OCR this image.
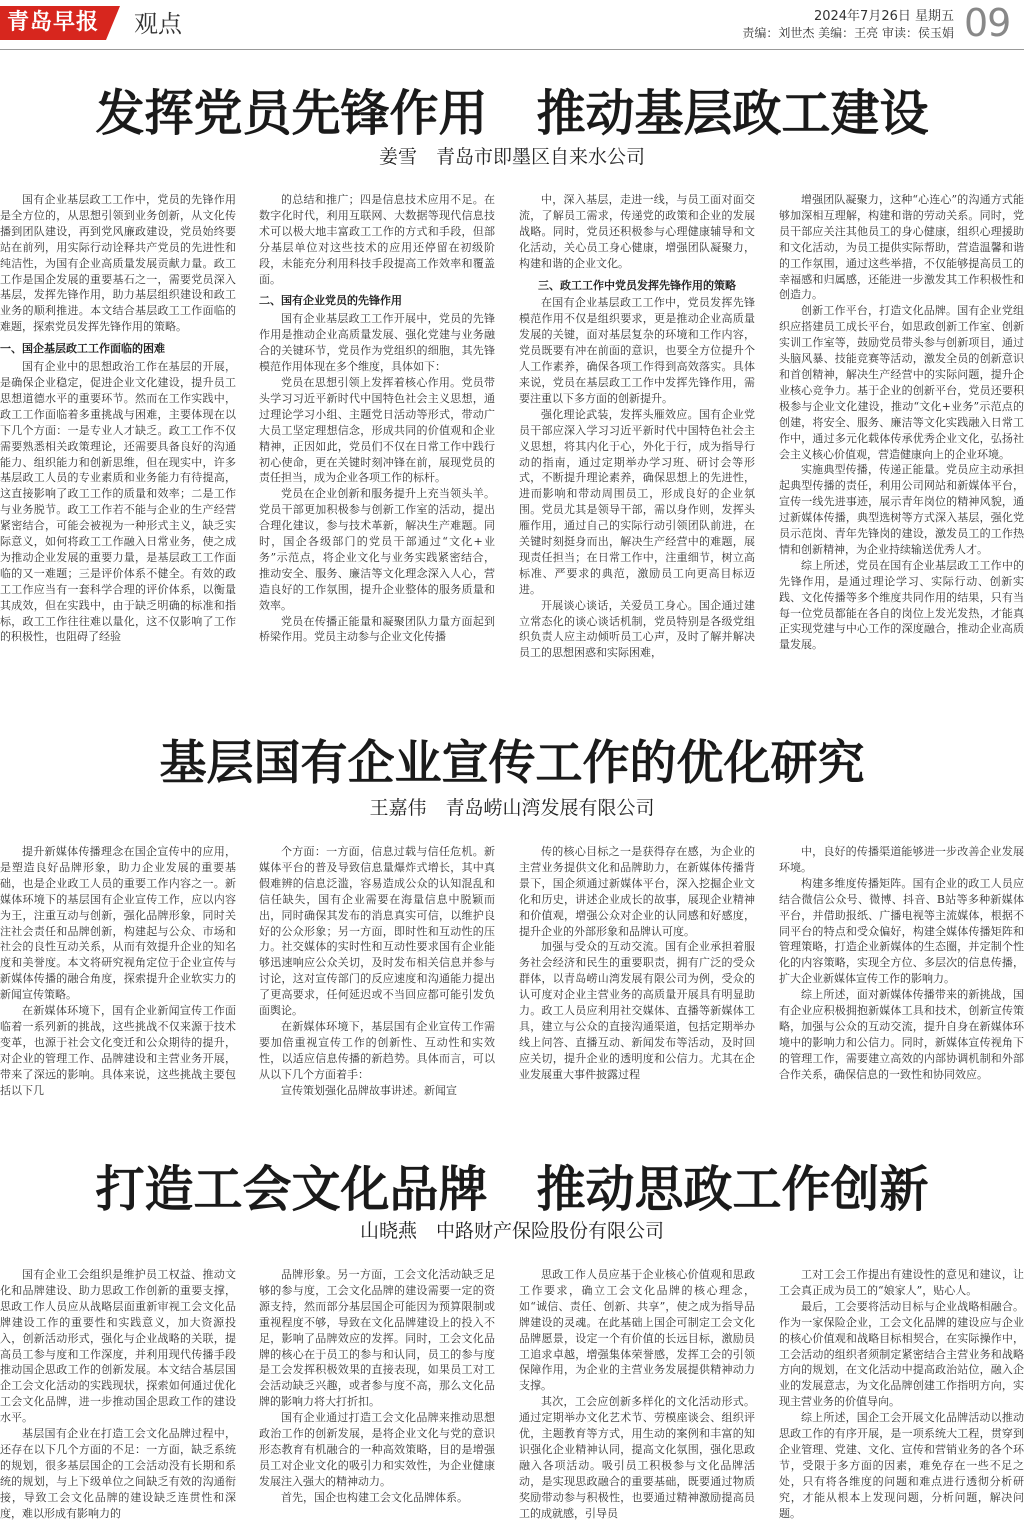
青岛早报 观点	2024年7月26日 星期五
责编：刘世杰 美编：王亮 审读：侯玉娟 09
发挥党员先锋作用　推动基层政工建设
姜雪　青岛市即墨区自来水公司

国有企业基层政工工作中，党员的先锋作用是全方位的，从思想引领到业务创新，从文化传播到团队建设，再到党风廉政建设，党员始终要站在前列，用实际行动诠释共产党员的先进性和纯洁性，为国有企业高质量发展贡献力量。政工工作是国企发展的重要基石之一，需要党员深入基层，发挥先锋作用，助力基层组织建设和政工业务的顺利推进。本文结合基层政工工作面临的难题，探索党员发挥先锋作用的策略。

一、国企基层政工工作面临的困难

国有企业中的思想政治工作在基层的开展，是确保企业稳定，促进企业文化建设，提升员工思想道德水平的重要环节。然而在工作实践中，政工工作面临着多重挑战与困难，主要体现在以下几个方面：一是专业人才缺乏。政工工作不仅需要熟悉相关政策理论，还需要具备良好的沟通能力、组织能力和创新思维，但在现实中，许多基层政工人员的专业素质和业务能力有待提高，这直接影响了政工工作的质量和效率；二是工作与业务脱节。政工工作若不能与企业的生产经营紧密结合，可能会被视为一种形式主义，缺乏实际意义，如何将政工工作融入日常业务，使之成为推动企业发展的重要力量，是基层政工工作面临的又一难题；三是评价体系不健全。有效的政工工作应当有一套科学合理的评价体系，以衡量其成效，但在实践中，由于缺乏明确的标准和指标，政工工作往往难以量化，这不仅影响了工作的积极性，也阻碍了经验

的总结和推广；四是信息技术应用不足。在数字化时代，利用互联网、大数据等现代信息技术可以极大地丰富政工工作的方式和手段，但部分基层单位对这些技术的应用还停留在初级阶段，未能充分利用科技手段提高工作效率和覆盖面。

二、国有企业党员的先锋作用

国有企业基层政工工作开展中，党员的先锋作用是推动企业高质量发展、强化党建与业务融合的关键环节，党员作为党组织的细胞，其先锋模范作用体现在多个维度，具体如下：

党员在思想引领上发挥着核心作用。党员带头学习习近平新时代中国特色社会主义思想，通过理论学习小组、主题党日活动等形式，带动广大员工坚定理想信念，形成共同的价值观和企业精神，正因如此，党员们不仅在日常工作中践行初心使命，更在关键时刻冲锋在前，展现党员的责任担当，成为企业各项工作的标杆。

党员在企业创新和服务提升上充当领头羊。党员干部更加积极参与创新工作室的活动，提出合理化建议，参与技术革新，解决生产难题。同时，国企各级部门的党员干部通过“文化+业务”示范点，将企业文化与业务实践紧密结合，推动安全、服务、廉洁等文化理念深入人心，营造良好的工作氛围，提升企业整体的服务质量和效率。

党员在传播正能量和凝聚团队力量方面起到桥梁作用。党员主动参与企业文化传播

中，深入基层，走进一线，与员工面对面交流，了解员工需求，传递党的政策和企业的发展战略。同时，党员还积极参与心理健康辅导和文化活动，关心员工身心健康，增强团队凝聚力，构建和谐的企业文化。

三、政工工作中党员发挥先锋作用的策略

在国有企业基层政工工作中，党员发挥先锋模范作用不仅是组织要求，更是推动企业高质量发展的关键，面对基层复杂的环境和工作内容，党员既要有冲在前面的意识，也要全方位提升个人工作素养，确保各项工作得到高效落实。具体来说，党员在基层政工工作中发挥先锋作用，需要注重以下多方面的创新提升。

强化理论武装，发挥头雁效应。国有企业党员干部应深入学习习近平新时代中国特色社会主义思想，将其内化于心，外化于行，成为指导行动的指南，通过定期举办学习班、研讨会等形式，不断提升理论素养，确保思想上的先进性，进而影响和带动周围员工，形成良好的企业氛围。党员尤其是领导干部，需以身作则，发挥头雁作用，通过自己的实际行动引领团队前进，在关键时刻挺身而出，解决生产经营中的难题，展现责任担当；在日常工作中，注重细节，树立高标准、严要求的典范，激励员工向更高目标迈进。

开展谈心谈话，关爱员工身心。国企通过建立常态化的谈心谈话机制，党员特别是各级党组织负责人应主动倾听员工心声，及时了解并解决员工的思想困惑和实际困难，

增强团队凝聚力，这种“心连心”的沟通方式能够加深相互理解，构建和谐的劳动关系。同时，党员干部应关注其他员工的身心健康，组织心理援助和文化活动，为员工提供实际帮助，营造温馨和谐的工作氛围，通过这些举措，不仅能够提高员工的幸福感和归属感，还能进一步激发其工作积极性和创造力。

创新工作平台，打造文化品牌。国有企业党组织应搭建员工成长平台，如思政创新工作室、创新实训工作室等，鼓励党员带头参与创新项目，通过头脑风暴、技能竞赛等活动，激发全员的创新意识和首创精神，解决生产经营中的实际问题，提升企业核心竞争力。基于企业的创新平台，党员还要积极参与企业文化建设，推动“文化+业务”示范点的创建，将安全、服务、廉洁等文化实践融入日常工作中，通过多元化载体传承优秀企业文化，弘扬社会主义核心价值观，营造健康向上的企业环境。

实施典型传播，传递正能量。党员应主动承担起典型传播的责任，利用公司网站和新媒体平台，宣传一线先进事迹，展示青年岗位的精神风貌，通过新媒体传播，典型选树等方式深入基层，强化党员示范岗、青年先锋岗的建设，激发员工的工作热情和创新精神，为企业持续输送优秀人才。

综上所述，党员在国有企业基层政工工作中的先锋作用，是通过理论学习、实际行动、创新实践、文化传播等多个维度共同作用的结果，只有当每一位党员都能在各自的岗位上发光发热，才能真正实现党建与中心工作的深度融合，推动企业高质量发展。

基层国有企业宣传工作的优化研究
王嘉伟　青岛崂山湾发展有限公司

提升新媒体传播理念在国企宣传中的应用，是塑造良好品牌形象，助力企业发展的重要基础，也是企业政工人员的重要工作内容之一。新媒体环境下的基层国有企业宣传工作，应以内容为王，注重互动与创新，强化品牌形象，同时关注社会责任和品牌创新，构建起与公众、市场和社会的良性互动关系，从而有效提升企业的知名度和美誉度。本文将研究视角定位于企业宣传与新媒体传播的融合角度，探索提升企业软实力的新闻宣传策略。

在新媒体环境下，国有企业新闻宣传工作面临着一系列新的挑战，这些挑战不仅来源于技术变革，也源于社会文化变迁和公众期待的提升，对企业的管理工作、品牌建设和主营业务开展，带来了深远的影响。具体来说，这些挑战主要包括以下几

个方面：一方面，信息过载与信任危机。新媒体平台的普及导致信息量爆炸式增长，其中真假难辨的信息泛滥，容易造成公众的认知混乱和信任缺失，国有企业需要在海量信息中脱颖而出，同时确保其发布的消息真实可信，以维护良好的公众形象；另一方面，即时性和互动性的压力。社交媒体的实时性和互动性要求国有企业能够迅速响应公众关切，及时发布相关信息并参与讨论，这对宣传部门的反应速度和沟通能力提出了更高要求，任何延迟或不当回应都可能引发负面舆论。

在新媒体环境下，基层国有企业宣传工作需要加倍重视宣传工作的创新性、互动性和实效性，以适应信息传播的新趋势。具体而言，可以从以下几个方面着手：

宣传策划强化品牌故事讲述。新闻宣

传的核心目标之一是获得存在感，为企业的主营业务提供文化和品牌助力，在新媒体传播背景下，国企须通过新媒体平台，深入挖掘企业文化和历史，讲述企业成长的故事，展现企业精神和价值观，增强公众对企业的认同感和好感度，提升企业的外部形象和品牌认可度。

加强与受众的互动交流。国有企业承担着服务社会经济和民生的重要职责，拥有广泛的受众群体，以青岛崂山湾发展有限公司为例，受众的认可度对企业主营业务的高质量开展具有明显助力。政工人员应利用社交媒体、直播等新媒体工具，建立与公众的直接沟通渠道，包括定期举办线上问答、直播互动、新闻发布等活动，及时回应关切，提升企业的透明度和公信力。尤其在企业发展重大事件披露过程

中，良好的传播渠道能够进一步改善企业发展环境。

构建多维度传播矩阵。国有企业的政工人员应结合微信公众号、微博、抖音、B站等多种新媒体平台，并借助报纸、广播电视等主流媒体，根据不同平台的特点和受众偏好，构建全媒体传播矩阵和管理策略，打造企业新媒体的生态圈，并定制个性化的内容策略，实现全方位、多层次的信息传播，扩大企业新媒体宣传工作的影响力。

综上所述，面对新媒体传播带来的新挑战，国有企业应积极拥抱新媒体工具和技术，创新宣传策略，加强与公众的互动交流，提升自身在新媒体环境中的影响力和公信力。同时，新媒体宣传视角下的管理工作，需要建立高效的内部协调机制和外部合作关系，确保信息的一致性和协同效应。

打造工会文化品牌　推动思政工作创新
山晓燕　中路财产保险股份有限公司

国有企业工会组织是维护员工权益、推动文化和品牌建设、助力思政工作创新的重要支撑，思政工作人员应从战略层面重新审视工会文化品牌建设工作的重要性和实践意义，加大资源投入，创新活动形式，强化与企业战略的关联，提高员工参与度和工作深度，并利用现代传播手段推动国企思政工作的创新发展。本文结合基层国企工会文化活动的实践现状，探索如何通过优化工会文化品牌，进一步推动国企思政工作的建设水平。

基层国有企业在打造工会文化品牌过程中，还存在以下几个方面的不足：一方面，缺乏系统的规划，很多基层国企的工会活动没有长期和系统的规划，与上下级单位之间缺乏有效的沟通衔接，导致工会文化品牌的建设缺乏连贯性和深度，难以形成有影响力的

品牌形象。另一方面，工会文化活动缺乏足够的参与度，工会文化品牌的建设需要一定的资源支持，然而部分基层国企可能因为预算限制或重视程度不够，导致在文化品牌建设上的投入不足，影响了品牌效应的发挥。同时，工会文化品牌的核心在于员工的参与和认同，员工的参与度是工会发挥积极效果的直接表现，如果员工对工会活动缺乏兴趣，或者参与度不高，那么文化品牌的影响力将大打折扣。

国有企业通过打造工会文化品牌来推动思想政治工作的创新发展，是将企业文化与党的意识形态教育有机融合的一种高效策略，目的是增强员工对企业文化的吸引力和实效性，为企业健康发展注入强大的精神动力。

首先，国企也构建工会文化品牌体系。

思政工作人员应基于企业核心价值观和思政工作要求，确立工会文化品牌的核心理念，如“诚信、责任、创新、共享”，使之成为指导品牌建设的灵魂。在此基础上国企可制定工会文化品牌愿景，设定一个有价值的长远目标，激励员工追求卓越，增强集体荣誉感，发挥工会的引领保障作用，为企业的主营业务发展提供精神动力支撑。

其次，工会应创新多样化的文化活动形式。通过定期举办文化艺术节、劳模座谈会、组织评优，主题教育等方式，用生动的案例和丰富的知识强化企业精神认同，提高文化氛围，强化思政融入各项活动。吸引员工积极参与文化品牌活动，是实现思政融合的重要基础，既要通过物质奖励带动参与积极性，也要通过精神激励提高员工的成就感，引导员

工对工会工作提出有建设性的意见和建议，让工会真正成为员工的“娘家人”，贴心人。

最后，工会要将活动目标与企业战略相融合。作为一家保险企业，工会文化品牌的建设应与企业的核心价值观和战略目标相契合，在实际操作中，工会活动的组织者须制定紧密结合主营业务和战略方向的规划，在文化活动中提高政治站位，融入企业的发展意志，为文化品牌创建工作指明方向，实现主营业务的价值导向。

综上所述，国企工会开展文化品牌活动以推动思政工作的有序开展，是一项系统大工程，贯穿到企业管理、党建、文化、宣传和营销业务的各个环节，受限于多方面的因素，难免存在一些不足之处，只有将各维度的问题和难点进行透彻分析研究，才能从根本上发现问题，分析问题，解决问题。
